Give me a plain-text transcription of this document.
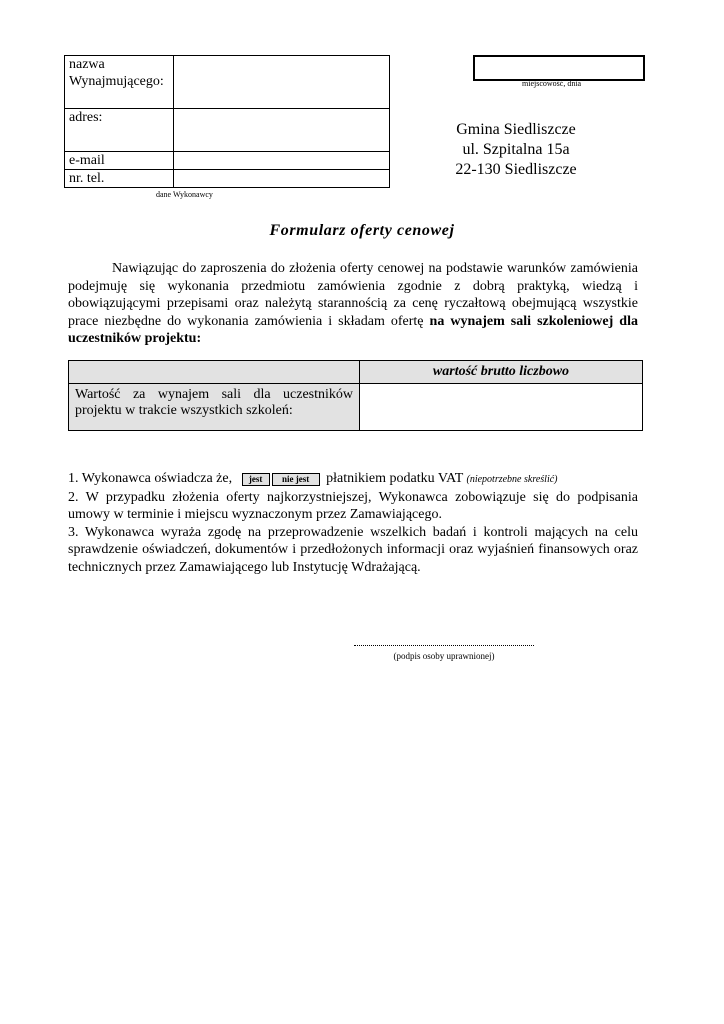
nazwa Wynajmującego:	
adres:	
e-mail	
nr. tel.	
dane Wykonawcy
miejscowość, dnia
Gmina Siedliszcze
ul. Szpitalna 15a
22-130 Siedliszcze
Formularz oferty cenowej
Nawiązując do zaproszenia do złożenia oferty cenowej na podstawie warunków zamówienia podejmuję się wykonania przedmiotu zamówienia zgodnie z dobrą praktyką, wiedzą i obowiązującymi przepisami oraz należytą starannością za cenę ryczałtową obejmującą wszystkie prace niezbędne do wykonania zamówienia i składam ofertę na wynajem sali szkoleniowej dla uczestników projektu:
	wartość brutto liczbowo
Wartość za wynajem sali dla uczestników projektu w trakcie wszystkich szkoleń:	

1. Wykonawca oświadcza że, jest nie jest płatnikiem podatku VAT (niepotrzebne skreślić)

2. W przypadku złożenia oferty najkorzystniejszej, Wykonawca zobowiązuje się do podpisania umowy w terminie i miejscu wyznaczonym przez Zamawiającego.

3. Wykonawca wyraża zgodę na przeprowadzenie wszelkich badań i kontroli mających na celu sprawdzenie oświadczeń, dokumentów i przedłożonych informacji oraz wyjaśnień finansowych oraz technicznych przez Zamawiającego lub Instytucję Wdrażającą.

(podpis osoby uprawnionej)
